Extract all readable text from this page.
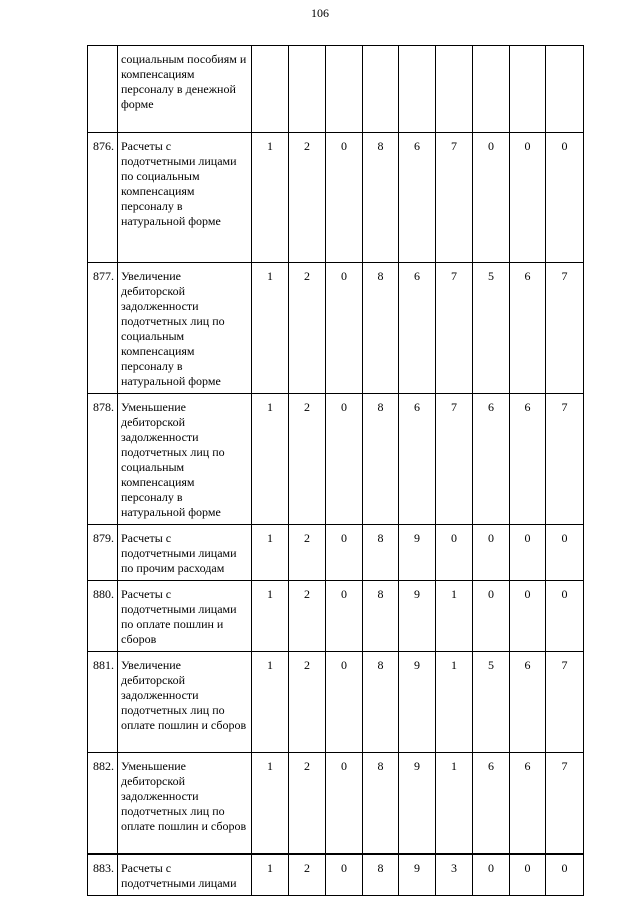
106
	социальным пособиям и компенсациям персоналу в денежной форме									
876.	Расчеты с подотчетными лицами по социальным компенсациям персоналу в натуральной форме	1	2	0	8	6	7	0	0	0
877.	Увеличение дебиторской задолженности подотчетных лиц по социальным компенсациям персоналу в натуральной форме	1	2	0	8	6	7	5	6	7
878.	Уменьшение дебиторской задолженности подотчетных лиц по социальным компенсациям персоналу в натуральной форме	1	2	0	8	6	7	6	6	7
879.	Расчеты с подотчетными лицами по прочим расходам	1	2	0	8	9	0	0	0	0
880.	Расчеты с подотчетными лицами по оплате пошлин и сборов	1	2	0	8	9	1	0	0	0
881.	Увеличение дебиторской задолженности подотчетных лиц по оплате пошлин и сборов	1	2	0	8	9	1	5	6	7
882.	Уменьшение дебиторской задолженности подотчетных лиц по оплате пошлин и сборов	1	2	0	8	9	1	6	6	7
883.	Расчеты с подотчетными лицами	1	2	0	8	9	3	0	0	0
